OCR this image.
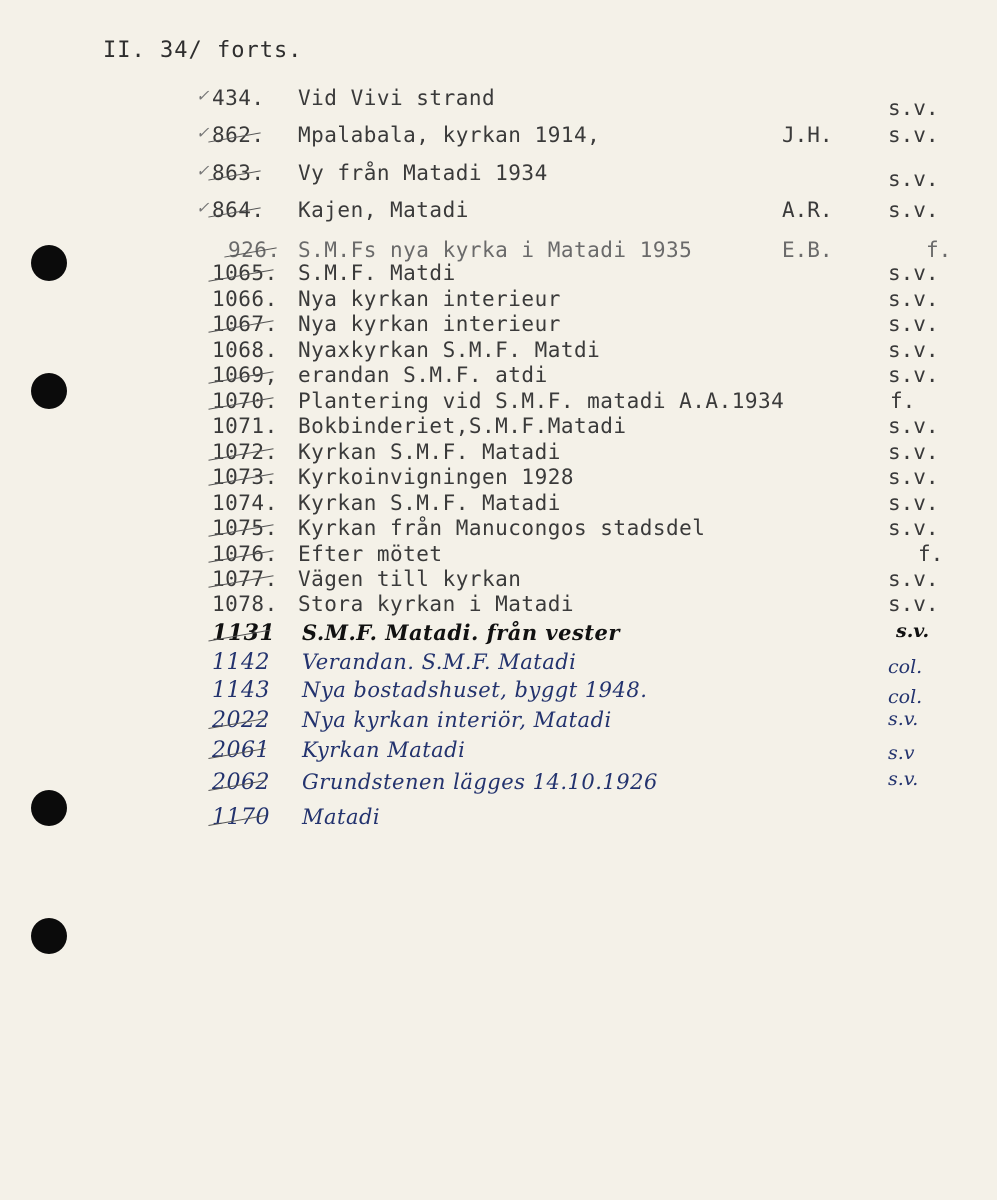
II. 34/ forts.
✓ 434. Vid Vivi strand	s.v.
✓ 862. Mpalabala, kyrkan 1914,	J.H.	s.v.
✓ 863. Vy från Matadi 1934	s.v.
✓ 864. Kajen, Matadi	A.R.	s.v.
926. S.M.Fs nya kyrka i Matadi 1935	E.B.	f.
1065. S.M.F. Matdi	s.v.
1066. Nya kyrkan interieur	s.v.
1067. Nya kyrkan interieur	s.v.
1068. Nyaxkyrkan S.M.F. Matdi	s.v.
1069, erandan S.M.F. atdi	s.v.
1070. Plantering vid S.M.F. matadi A.A.1934	f.
1071. Bokbinderiet,S.M.F.Matadi	s.v.
1072. Kyrkan S.M.F. Matadi	s.v.
1073. Kyrkoinvigningen 1928	s.v.
1074. Kyrkan S.M.F. Matadi	s.v.
1075. Kyrkan från Manucongos stadsdel	s.v.
1076. Efter mötet	f.
1077. Vägen till kyrkan	s.v.
1078. Stora kyrkan i Matadi	s.v.
1131 S.M.F. Matadi. från vester	s.v.
1142 Verandan. S.M.F. Matadi	col.
1143 Nya bostadshuset, byggt 1948.	col.
2022 Nya kyrkan interiör, Matadi	s.v.
2061 Kyrkan Matadi	s.v
2062 Grundstenen lägges 14.10.1926	s.v.
1170 Matadi
